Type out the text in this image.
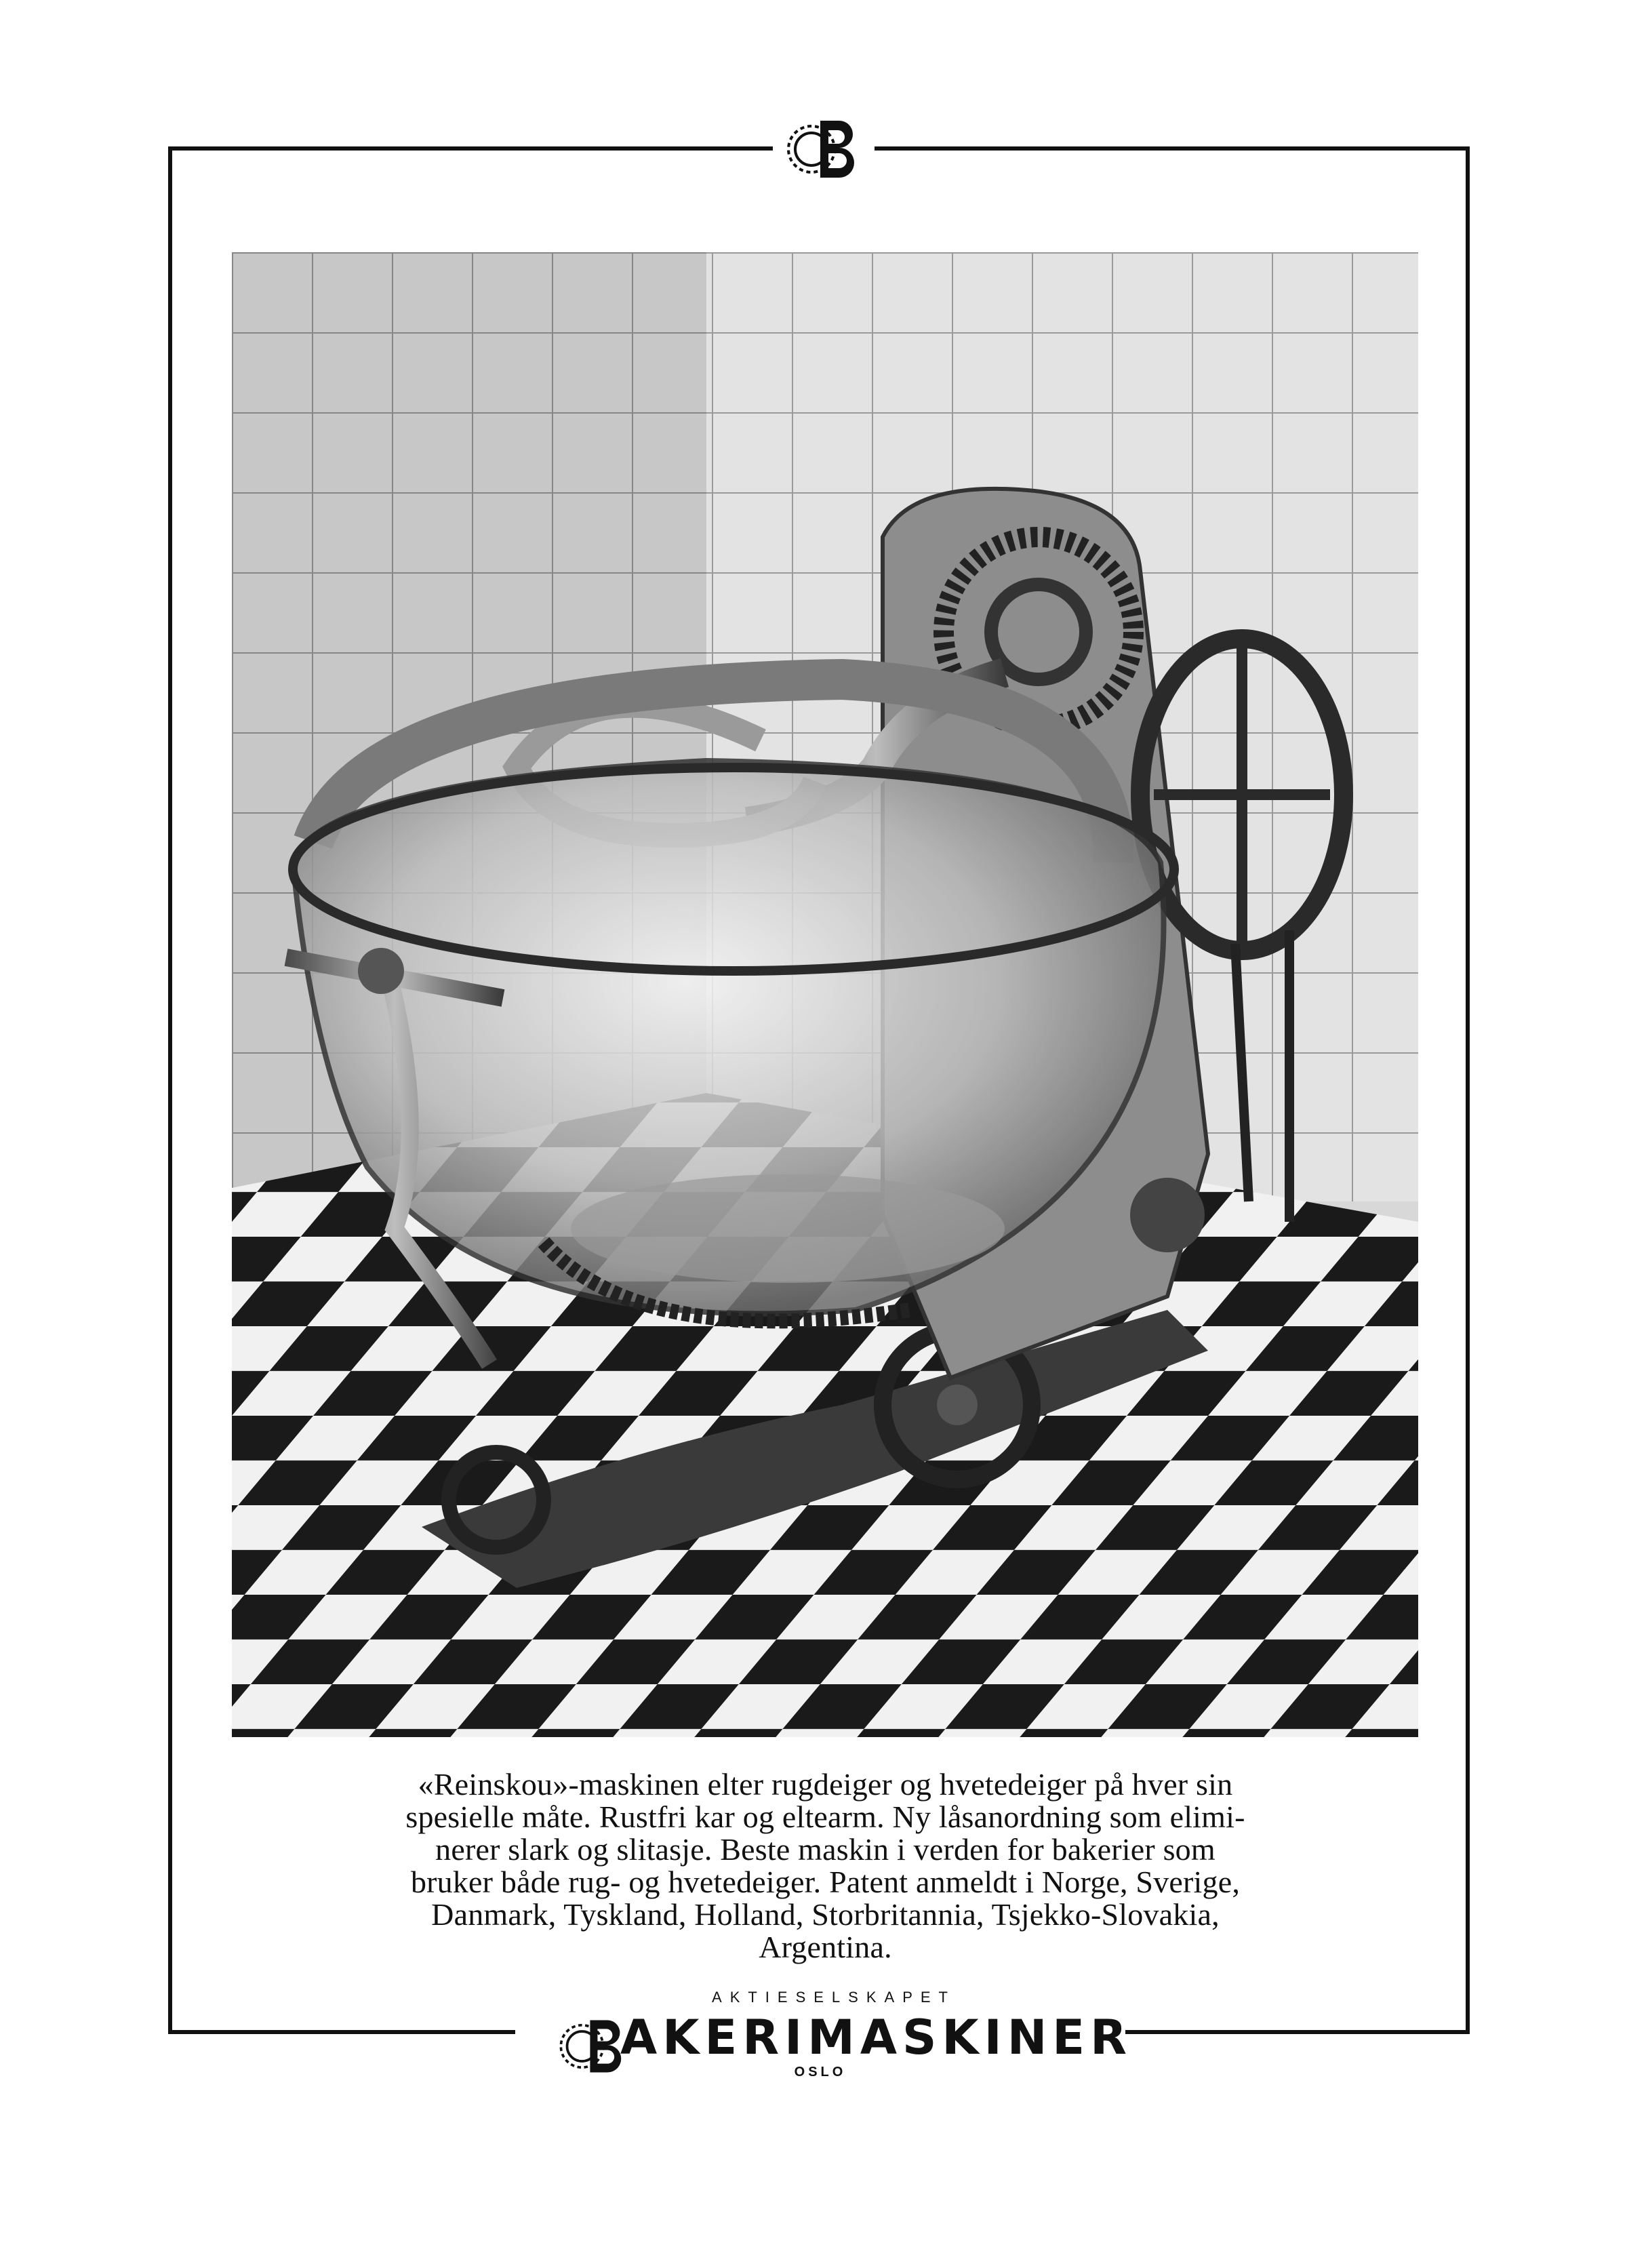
«Reinskou»-maskinen elter rugdeiger og hvetedeiger på hver sin
spesielle måte. Rustfri kar og eltearm. Ny låsanordning som elimi-
nerer slark og slitasje. Beste maskin i verden for bakerier som
bruker både rug- og hvetedeiger. Patent anmeldt i Norge, Sverige,
Danmark, Tyskland, Holland, Storbritannia, Tsjekko-Slovakia,
Argentina.
AKTIESELSKAPET
AKERIMASKINER
OSLO
